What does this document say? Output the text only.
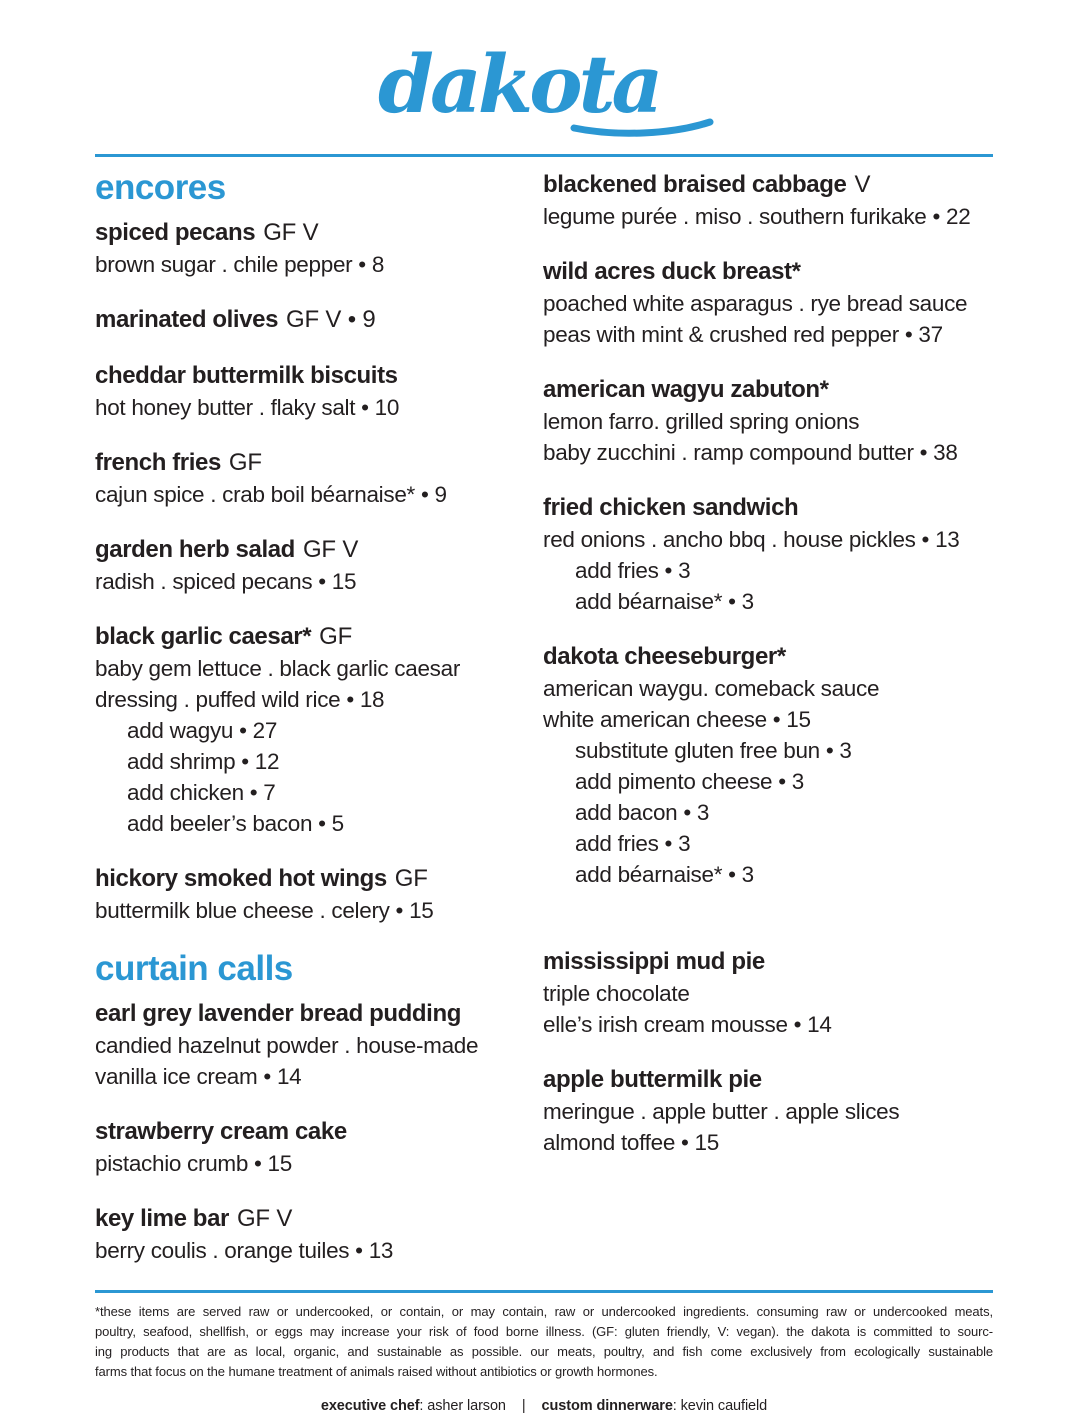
dakota
encores
spiced pecans GF V
brown sugar . chile pepper • 8
marinated olives GF V • 9
cheddar buttermilk biscuits
hot honey butter . flaky salt • 10
french fries GF
cajun spice . crab boil béarnaise* • 9
garden herb salad GF V
radish . spiced pecans • 15
black garlic caesar* GF
baby gem lettuce . black garlic caesar
dressing . puffed wild rice • 18
add wagyu • 27
add shrimp • 12
add chicken • 7
add beeler’s bacon • 5
hickory smoked hot wings GF
buttermilk blue cheese . celery • 15
curtain calls
earl grey lavender bread pudding
candied hazelnut powder . house-made
vanilla ice cream • 14
strawberry cream cake
pistachio crumb • 15
key lime bar GF V
berry coulis . orange tuiles • 13
blackened braised cabbage V
legume purée . miso . southern furikake • 22
wild acres duck breast*
poached white asparagus . rye bread sauce
peas with mint & crushed red pepper • 37
american wagyu zabuton*
lemon farro. grilled spring onions
baby zucchini . ramp compound butter • 38
fried chicken sandwich
red onions . ancho bbq . house pickles • 13
add fries • 3
add béarnaise* • 3
dakota cheeseburger*
american waygu. comeback sauce
white american cheese • 15
substitute gluten free bun • 3
add pimento cheese • 3
add bacon • 3
add fries • 3
add béarnaise* • 3
mississippi mud pie
triple chocolate
elle’s irish cream mousse • 14
apple buttermilk pie
meringue . apple butter . apple slices
almond toffee • 15
*these items are served raw or undercooked, or contain, or may contain, raw or undercooked ingredients. consuming raw or undercooked meats,
poultry, seafood, shellfish, or eggs may increase your risk of food borne illness. (GF: gluten friendly, V: vegan). the dakota is committed to sourc-
ing products that are as local, organic, and sustainable as possible. our meats, poultry, and fish come exclusively from ecologically sustainable
farms that focus on the humane treatment of animals raised without antibiotics or growth hormones.
executive chef: asher larson | custom dinnerware: kevin caufield
